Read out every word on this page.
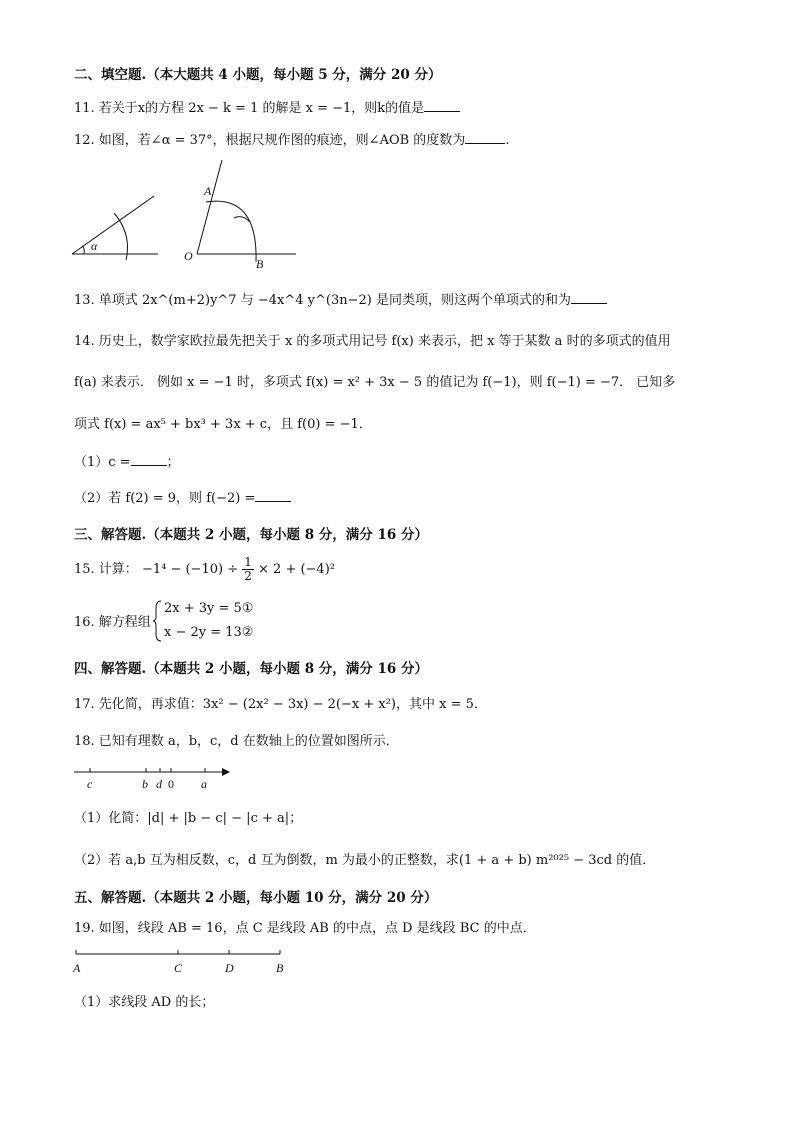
二、填空题.（本大题共 4 小题，每小题 5 分，满分 20 分）
11. 若关于x的方程 2x − k = 1 的解是 x = −1，则k的值是
12. 如图，若∠α = 37°，根据尺规作图的痕迹，则∠AOB 的度数为	.
α
A
O
B
13. 单项式 2x^(m+2)y^7 与 −4x^4 y^(3n−2) 是同类项，则这两个单项式的和为
14. 历史上，数学家欧拉最先把关于 x 的多项式用记号 f(x) 来表示，把 x 等于某数 a 时的多项式的值用
f(a) 来表示． 例如 x = −1 时，多项式 f(x) = x² + 3x − 5 的值记为 f(−1)，则 f(−1) = −7． 已知多
项式 f(x) = ax⁵ + bx³ + 3x + c，且 f(0) = −1．
（1）c =	；
（2）若 f(2) = 9，则 f(−2) =
三、解答题.（本题共 2 小题，每小题 8 分，满分 16 分）
15. 计算： $-1^4 - (-10) \div \frac{1}{2} \times 2 + (-4)^2$
16. 解方程组
2x + 3y = 5①
x − 2y = 13②
四、解答题.（本题共 2 小题，每小题 8 分，满分 16 分）
17. 先化简，再求值：3x² − (2x² − 3x) − 2(−x + x²)，其中 x = 5．
18. 已知有理数 a，b，c，d 在数轴上的位置如图所示．
c	b d 0 a
（1）化简：|d| + |b − c| − |c + a|；
（2）若 a,b 互为相反数，c，d 互为倒数，m 为最小的正整数，求(1 + a + b) m²⁰²⁵ − 3cd 的值．
五、解答题.（本题共 2 小题，每小题 10 分，满分 20 分）
19. 如图，线段 AB = 16，点 C 是线段 AB 的中点，点 D 是线段 BC 的中点．
A	C	D	B
（1）求线段 AD 的长；
